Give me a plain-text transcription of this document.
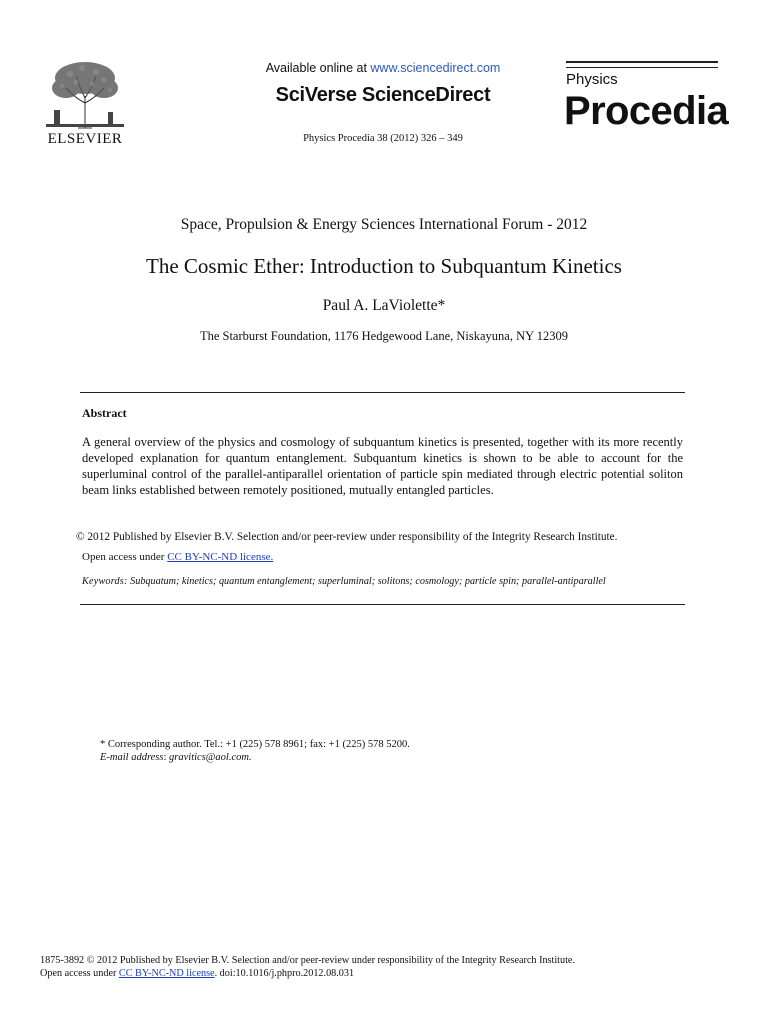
ELSEVIER
Available online at www.sciencedirect.com
SciVerse ScienceDirect
Physics Procedia 38 (2012) 326 – 349
Physics
Procedia
Space, Propulsion & Energy Sciences International Forum - 2012
The Cosmic Ether: Introduction to Subquantum Kinetics
Paul A. LaViolette*
The Starburst Foundation, 1176 Hedgewood Lane, Niskayuna, NY 12309
Abstract
A general overview of the physics and cosmology of subquantum kinetics is presented, together with its more recently developed explanation for quantum entanglement. Subquantum kinetics is shown to be able to account for the superluminal control of the parallel-antiparallel orientation of particle spin mediated through electric potential soliton beam links established between remotely positioned, mutually entangled particles.
© 2012 Published by Elsevier B.V. Selection and/or peer-review under responsibility of the Integrity Research Institute.
Open access under CC BY-NC-ND license.
Keywords: Subquatum; kinetics; quantum entanglement; superluminal; solitons; cosmology; particle spin; parallel-antiparallel
* Corresponding author. Tel.: +1 (225) 578 8961; fax: +1 (225) 578 5200.
E-mail address: gravitics@aol.com.
1875-3892 © 2012 Published by Elsevier B.V. Selection and/or peer-review under responsibility of the Integrity Research Institute.
Open access under CC BY-NC-ND license. doi:10.1016/j.phpro.2012.08.031
